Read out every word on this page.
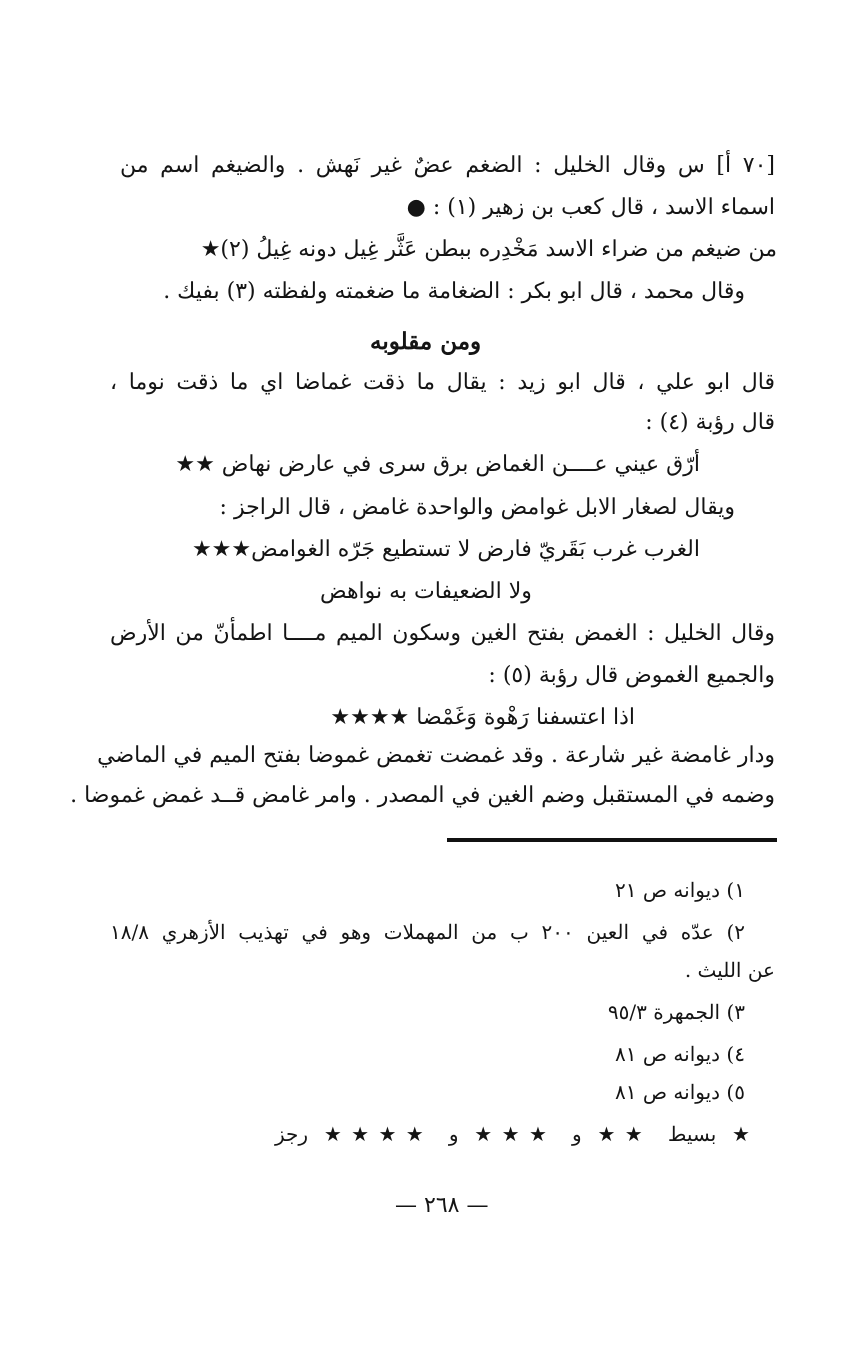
[٧٠ أ] س وقال الخليل : الضغم عضٌ غير نَهش . والضيغم اسم من
اسماء الاسد ، قال كعب بن زهير (١) : ●
من ضيغم من ضراء الاسد مَخْدِره ببطن عَثَّر غِيل دونه غِيلُ (٢)★
وقال محمد ، قال ابو بكر : الضغامة ما ضغمته ولفظته (٣) بفيك .
ومن مقلوبه
قال ابو علي ، قال ابو زيد : يقال ما ذقت غماضا اي ما ذقت نوما ،
قال رؤبة (٤) :
أرّق عيني عــــن الغماض برق سرى في عارض نهاض ★★
ويقال لصغار الابل غوامض والواحدة غامض ، قال الراجز :
الغرب غرب بَقَريّ فارض لا تستطيع جَرّه الغوامض★★★
ولا الضعيفات به نواهض
وقال الخليل : الغمض بفتح الغين وسكون الميم مــــا اطمأنّ من الأرض
والجميع الغموض قال رؤبة (٥) :
اذا اعتسفنا رَهْوة وَغَمْضا ★★★★
ودار غامضة غير شارعة . وقد غمضت تغمض غموضا بفتح الميم في الماضي
وضمه في المستقبل وضم الغين في المصدر . وامر غامض قــد غمض غموضا .
١) ديوانه ص ٢١
٢) عدّه في العين ٢٠٠ ب من المهملات وهو في تهذيب الأزهري ١٨/٨
عن الليث .
٣) الجمهرة ٩٥/٣
٤) ديوانه ص ٨١
٥) ديوانه ص ٨١
★ بسيط ★★ و ★★★ و ★★★★ رجز
— ٢٦٨ —
